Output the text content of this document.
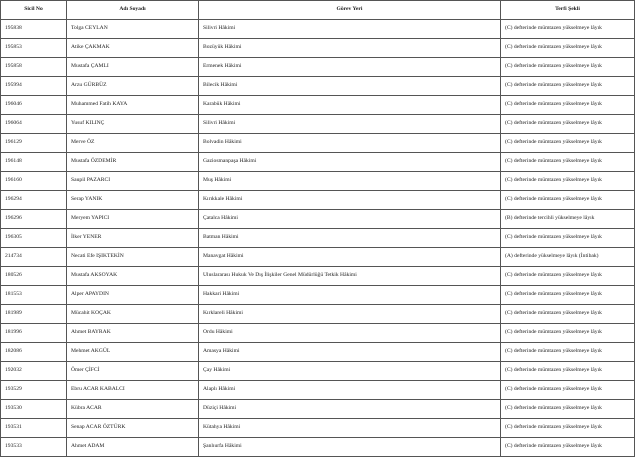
Sicil No	Adı Soyadı	Görev Yeri	Terfi Şekli
195838	Tolga CEYLAN	Silivri Hâkimi	(C) defterinde mümtazen yükselmeye lâyık
195853	Atike ÇAKMAK	Bozüyük Hâkimi	(C) defterinde mümtazen yükselmeye lâyık
195858	Mustafa ÇAMLI	Ermenek Hâkimi	(C) defterinde mümtazen yükselmeye lâyık
195994	Arzu GÜRBÜZ	Bilecik Hâkimi	(C) defterinde mümtazen yükselmeye lâyık
196046	Muhammed Fatih KAYA	Karabük Hâkimi	(C) defterinde mümtazen yükselmeye lâyık
196064	Yusuf KILINÇ	Silivri Hâkimi	(C) defterinde mümtazen yükselmeye lâyık
196129	Merve ÖZ	Bolvadin Hâkimi	(C) defterinde mümtazen yükselmeye lâyık
196148	Mustafa ÖZDEMİR	Gaziosmanpaşa Hâkimi	(C) defterinde mümtazen yükselmeye lâyık
196160	Saupil PAZARCI	Muş Hâkimi	(C) defterinde mümtazen yükselmeye lâyık
196294	Serap YANIK	Kırıkkale Hâkimi	(C) defterinde mümtazen yükselmeye lâyık
196296	Meryem YAPICI	Çatalca Hâkimi	(B) defterinde tercihli yükselmeye lâyık
196305	İlker YENER	Batman Hâkimi	(C) defterinde mümtazen yükselmeye lâyık
214734	Necati Efe IŞIKTEKİN	Manavgat Hâkimi	(A) defterinde yükselmeye lâyık (İntibak)
180526	Mustafa AKSOYAK	Uluslararası Hukuk Ve Dış İlişkiler Genel Müdürlüğü Tetkik Hâkimi	(C) defterinde mümtazen yükselmeye lâyık
181553	Alper APAYDIN	Hakkari Hâkimi	(C) defterinde mümtazen yükselmeye lâyık
181989	Mücahit KOÇAK	Kırklareli Hâkimi	(C) defterinde mümtazen yükselmeye lâyık
181996	Ahmet BAYRAK	Ordu Hâkimi	(C) defterinde mümtazen yükselmeye lâyık
182086	Mehmet AKGÜL	Amasya Hâkimi	(C) defterinde mümtazen yükselmeye lâyık
192032	Ömer ÇİFCİ	Çay Hâkimi	(C) defterinde mümtazen yükselmeye lâyık
193529	Ebru ACAR KABALCI	Alaplı Hâkimi	(C) defterinde mümtazen yükselmeye lâyık
193530	Kübra ACAR	Düziçi Hâkimi	(C) defterinde mümtazen yükselmeye lâyık
193531	Senap ACAR ÖZTÜRK	Kütahya Hâkimi	(C) defterinde mümtazen yükselmeye lâyık
193533	Ahmet ADAM	Şanlıurfa Hâkimi	(C) defterinde mümtazen yükselmeye lâyık
